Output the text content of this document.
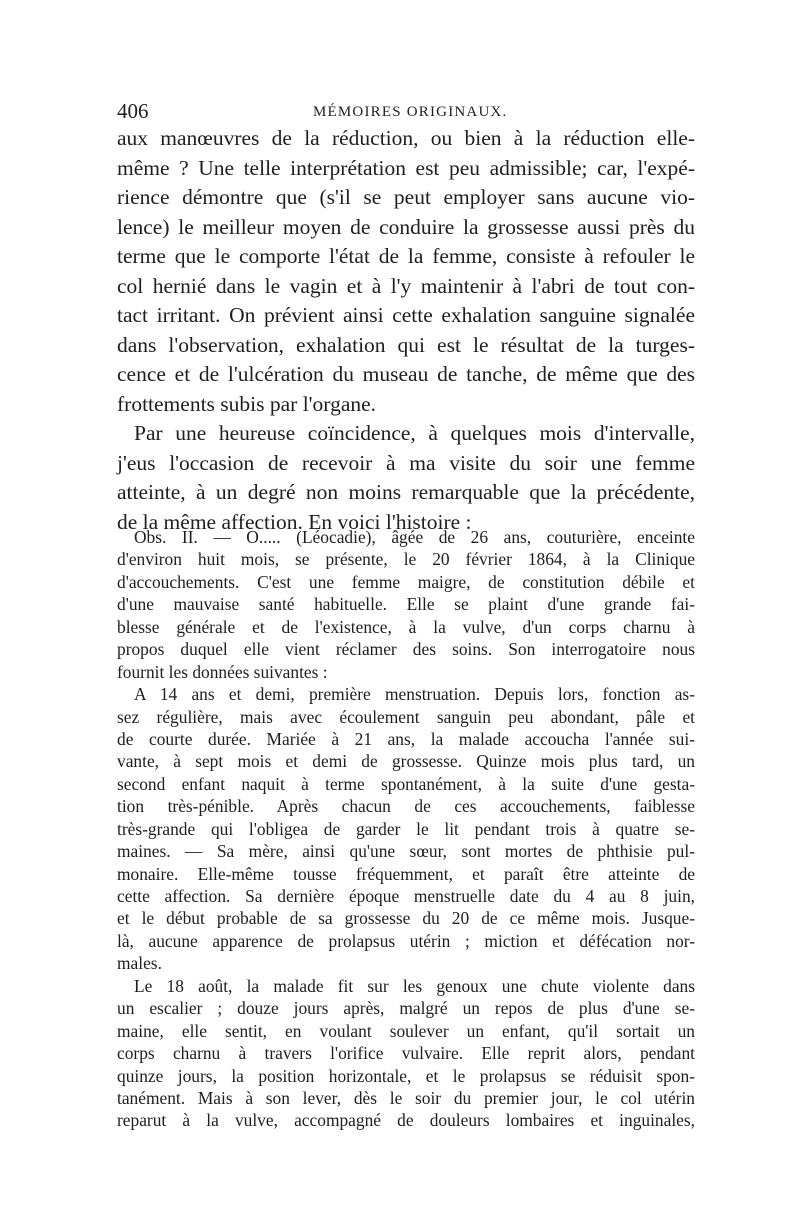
406	MÉMOIRES ORIGINAUX.
aux manœuvres de la réduction, ou bien à la réduction elle-
même ? Une telle interprétation est peu admissible; car, l'expé-
rience démontre que (s'il se peut employer sans aucune vio-
lence) le meilleur moyen de conduire la grossesse aussi près du
terme que le comporte l'état de la femme, consiste à refouler le
col hernié dans le vagin et à l'y maintenir à l'abri de tout con-
tact irritant. On prévient ainsi cette exhalation sanguine signalée
dans l'observation, exhalation qui est le résultat de la turges-
cence et de l'ulcération du museau de tanche, de même que des
frottements subis par l'organe.
Par une heureuse coïncidence, à quelques mois d'intervalle,
j'eus l'occasion de recevoir à ma visite du soir une femme
atteinte, à un degré non moins remarquable que la précédente,
de la même affection. En voici l'histoire :
Obs. II. — O..... (Léocadie), âgée de 26 ans, couturière, enceinte
d'environ huit mois, se présente, le 20 février 1864, à la Clinique
d'accouchements. C'est une femme maigre, de constitution débile et
d'une mauvaise santé habituelle. Elle se plaint d'une grande fai-
blesse générale et de l'existence, à la vulve, d'un corps charnu à
propos duquel elle vient réclamer des soins. Son interrogatoire nous
fournit les données suivantes :
A 14 ans et demi, première menstruation. Depuis lors, fonction as-
sez régulière, mais avec écoulement sanguin peu abondant, pâle et
de courte durée. Mariée à 21 ans, la malade accoucha l'année sui-
vante, à sept mois et demi de grossesse. Quinze mois plus tard, un
second enfant naquit à terme spontanément, à la suite d'une gesta-
tion très-pénible. Après chacun de ces accouchements, faiblesse
très-grande qui l'obligea de garder le lit pendant trois à quatre se-
maines. — Sa mère, ainsi qu'une sœur, sont mortes de phthisie pul-
monaire. Elle-même tousse fréquemment, et paraît être atteinte de
cette affection. Sa dernière époque menstruelle date du 4 au 8 juin,
et le début probable de sa grossesse du 20 de ce même mois. Jusque-
là, aucune apparence de prolapsus utérin ; miction et défécation nor-
males.
Le 18 août, la malade fit sur les genoux une chute violente dans
un escalier ; douze jours après, malgré un repos de plus d'une se-
maine, elle sentit, en voulant soulever un enfant, qu'il sortait un
corps charnu à travers l'orifice vulvaire. Elle reprit alors, pendant
quinze jours, la position horizontale, et le prolapsus se réduisit spon-
tanément. Mais à son lever, dès le soir du premier jour, le col utérin
reparut à la vulve, accompagné de douleurs lombaires et inguinales,
